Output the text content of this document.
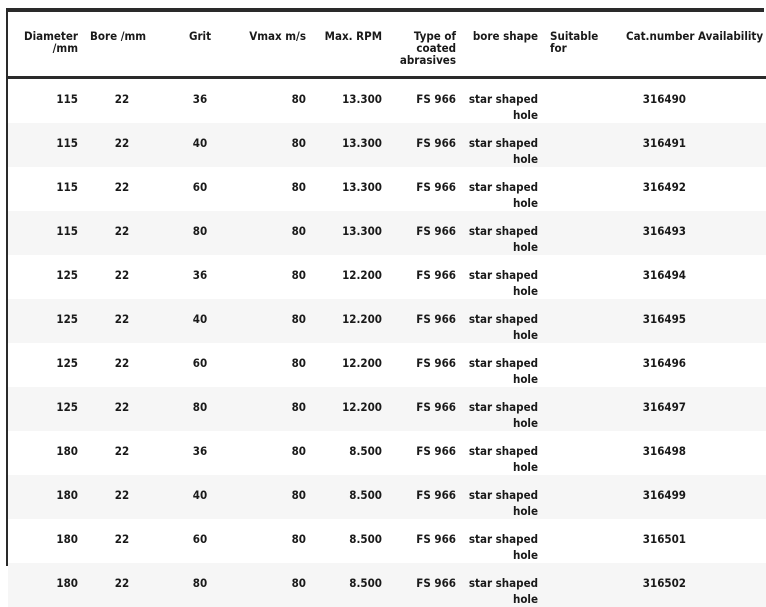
Diameter /mm	Bore /mm	Grit	Vmax m/s	Max. RPM	Type of coated abrasives	bore shape	Suitable for	Cat.number	Availability
115	22	36	80	13.300	FS 966	star shaped hole		316490	
115	22	40	80	13.300	FS 966	star shaped hole		316491	
115	22	60	80	13.300	FS 966	star shaped hole		316492	
115	22	80	80	13.300	FS 966	star shaped hole		316493	
125	22	36	80	12.200	FS 966	star shaped hole		316494	
125	22	40	80	12.200	FS 966	star shaped hole		316495	
125	22	60	80	12.200	FS 966	star shaped hole		316496	
125	22	80	80	12.200	FS 966	star shaped hole		316497	
180	22	36	80	8.500	FS 966	star shaped hole		316498	
180	22	40	80	8.500	FS 966	star shaped hole		316499	
180	22	60	80	8.500	FS 966	star shaped hole		316501	
180	22	80	80	8.500	FS 966	star shaped hole		316502	
